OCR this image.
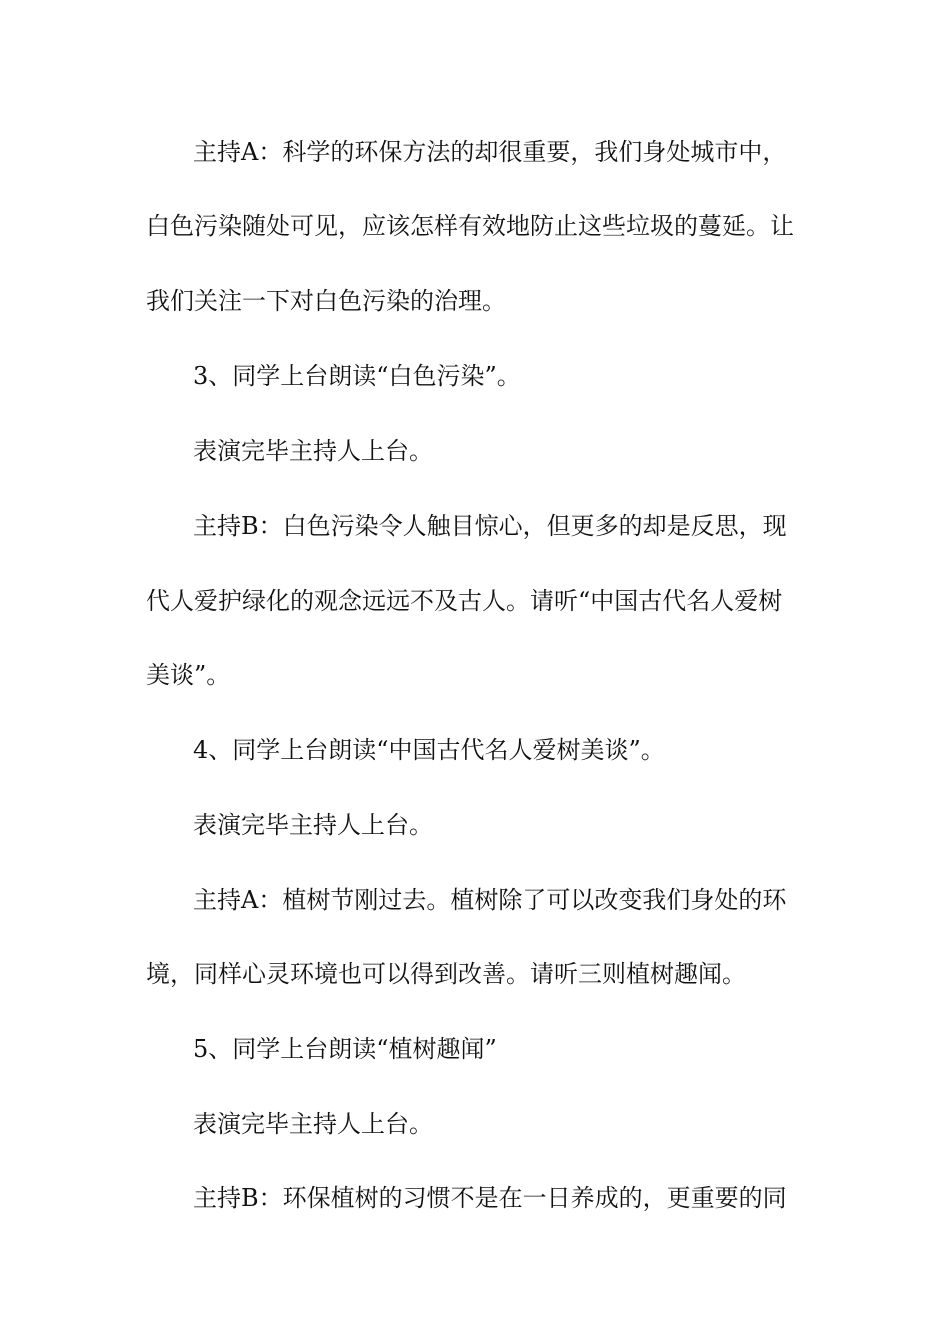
主持A：科学的环保方法的却很重要，我们身处城市中，
白色污染随处可见，应该怎样有效地防止这些垃圾的蔓延。让
我们关注一下对白色污染的治理。
3、同学上台朗读“白色污染”。
表演完毕主持人上台。
主持B：白色污染令人触目惊心，但更多的却是反思，现
代人爱护绿化的观念远远不及古人。请听“中国古代名人爱树
美谈”。
4、同学上台朗读“中国古代名人爱树美谈”。
表演完毕主持人上台。
主持A：植树节刚过去。植树除了可以改变我们身处的环
境，同样心灵环境也可以得到改善。请听三则植树趣闻。
5、同学上台朗读“植树趣闻”
表演完毕主持人上台。
主持B：环保植树的习惯不是在一日养成的，更重要的同
